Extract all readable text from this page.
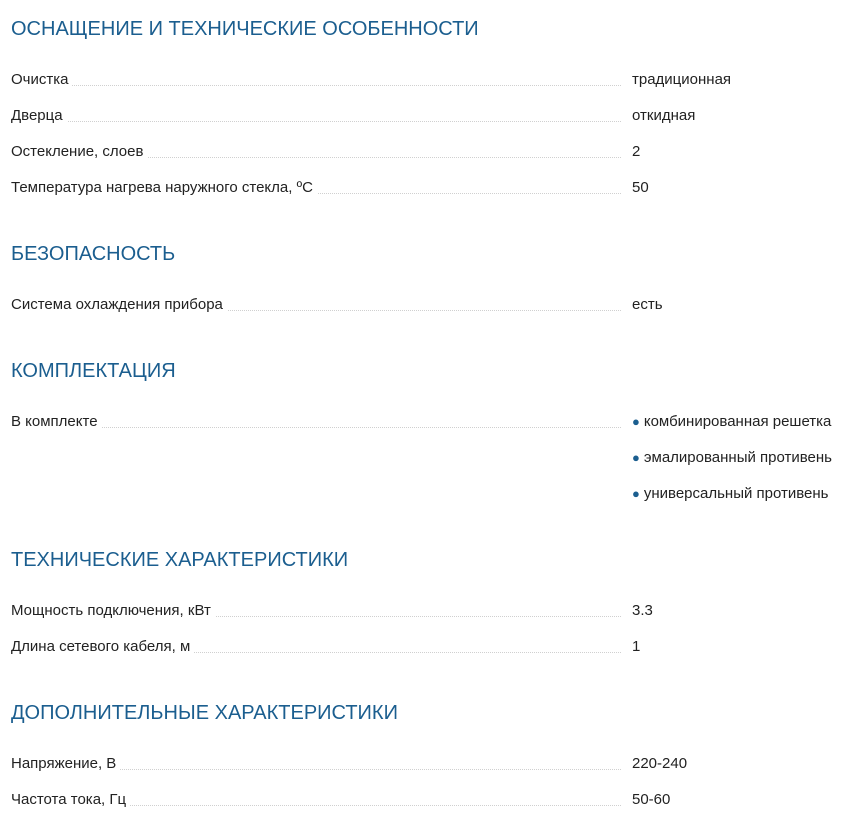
ОСНАЩЕНИЕ И ТЕХНИЧЕСКИЕ ОСОБЕННОСТИ
Очистка	традиционная
Дверца	откидная
Остекление, слоев	2
Температура нагрева наружного стекла, ºC	50
БЕЗОПАСНОСТЬ
Система охлаждения прибора	есть
КОМПЛЕКТАЦИЯ
В комплекте	● комбинированная решетка
● эмалированный противень
● универсальный противень
ТЕХНИЧЕСКИЕ ХАРАКТЕРИСТИКИ
Мощность подключения, кВт	3.3
Длина сетевого кабеля, м	1
ДОПОЛНИТЕЛЬНЫЕ ХАРАКТЕРИСТИКИ
Напряжение, В	220-240
Частота тока, Гц	50-60
